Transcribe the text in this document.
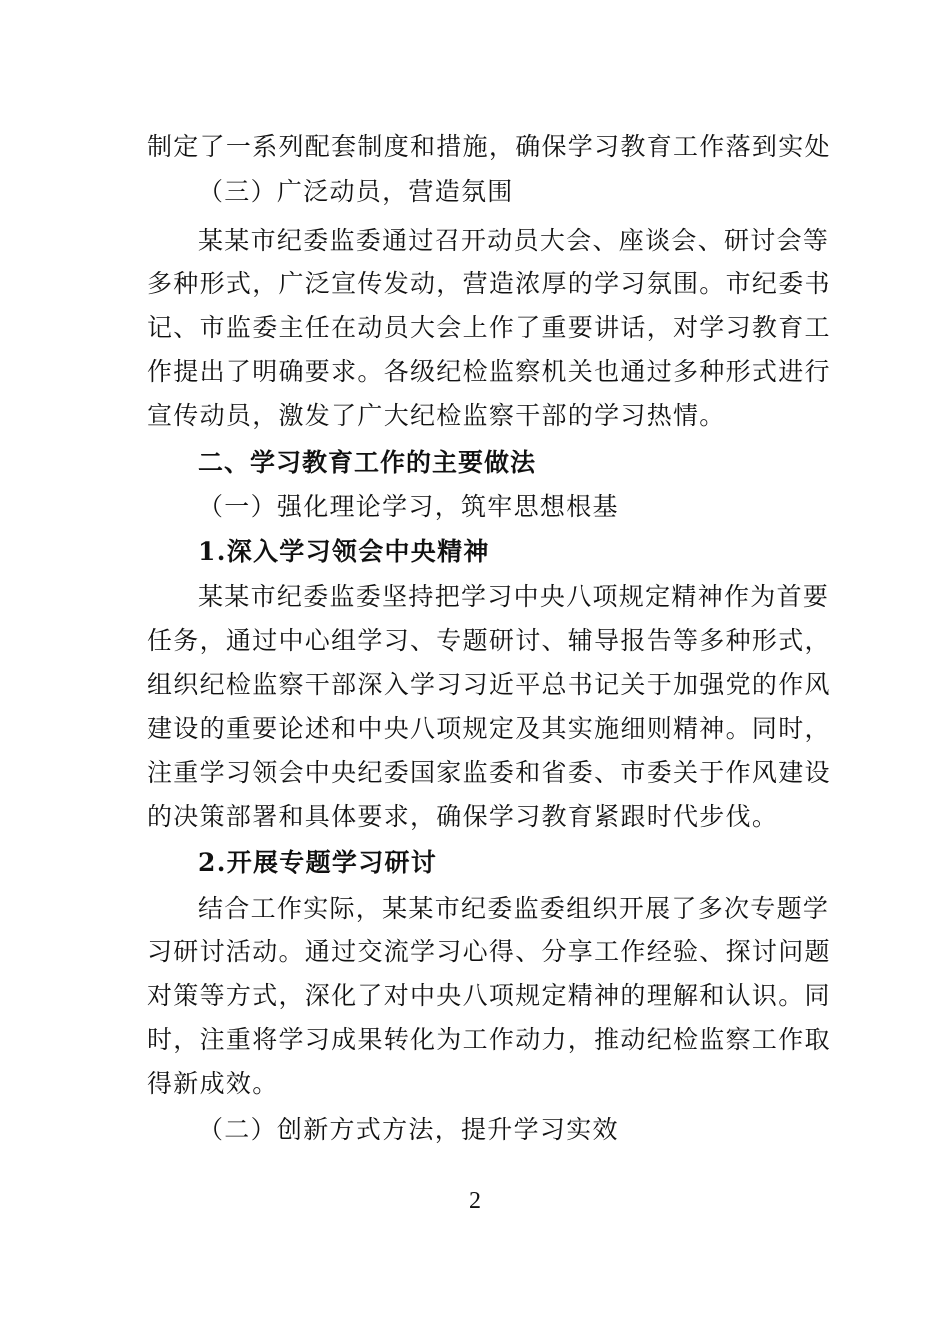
制定了一系列配套制度和措施，确保学习教育工作落到实处
（三）广泛动员，营造氛围
某某市纪委监委通过召开动员大会、座谈会、研讨会等
多种形式，广泛宣传发动，营造浓厚的学习氛围。市纪委书
记、市监委主任在动员大会上作了重要讲话，对学习教育工
作提出了明确要求。各级纪检监察机关也通过多种形式进行
宣传动员，激发了广大纪检监察干部的学习热情。
二、学习教育工作的主要做法
（一）强化理论学习，筑牢思想根基
1.深入学习领会中央精神
某某市纪委监委坚持把学习中央八项规定精神作为首要
任务，通过中心组学习、专题研讨、辅导报告等多种形式，
组织纪检监察干部深入学习习近平总书记关于加强党的作风
建设的重要论述和中央八项规定及其实施细则精神。同时，
注重学习领会中央纪委国家监委和省委、市委关于作风建设
的决策部署和具体要求，确保学习教育紧跟时代步伐。
2.开展专题学习研讨
结合工作实际，某某市纪委监委组织开展了多次专题学
习研讨活动。通过交流学习心得、分享工作经验、探讨问题
对策等方式，深化了对中央八项规定精神的理解和认识。同
时，注重将学习成果转化为工作动力，推动纪检监察工作取
得新成效。
（二）创新方式方法，提升学习实效
2
